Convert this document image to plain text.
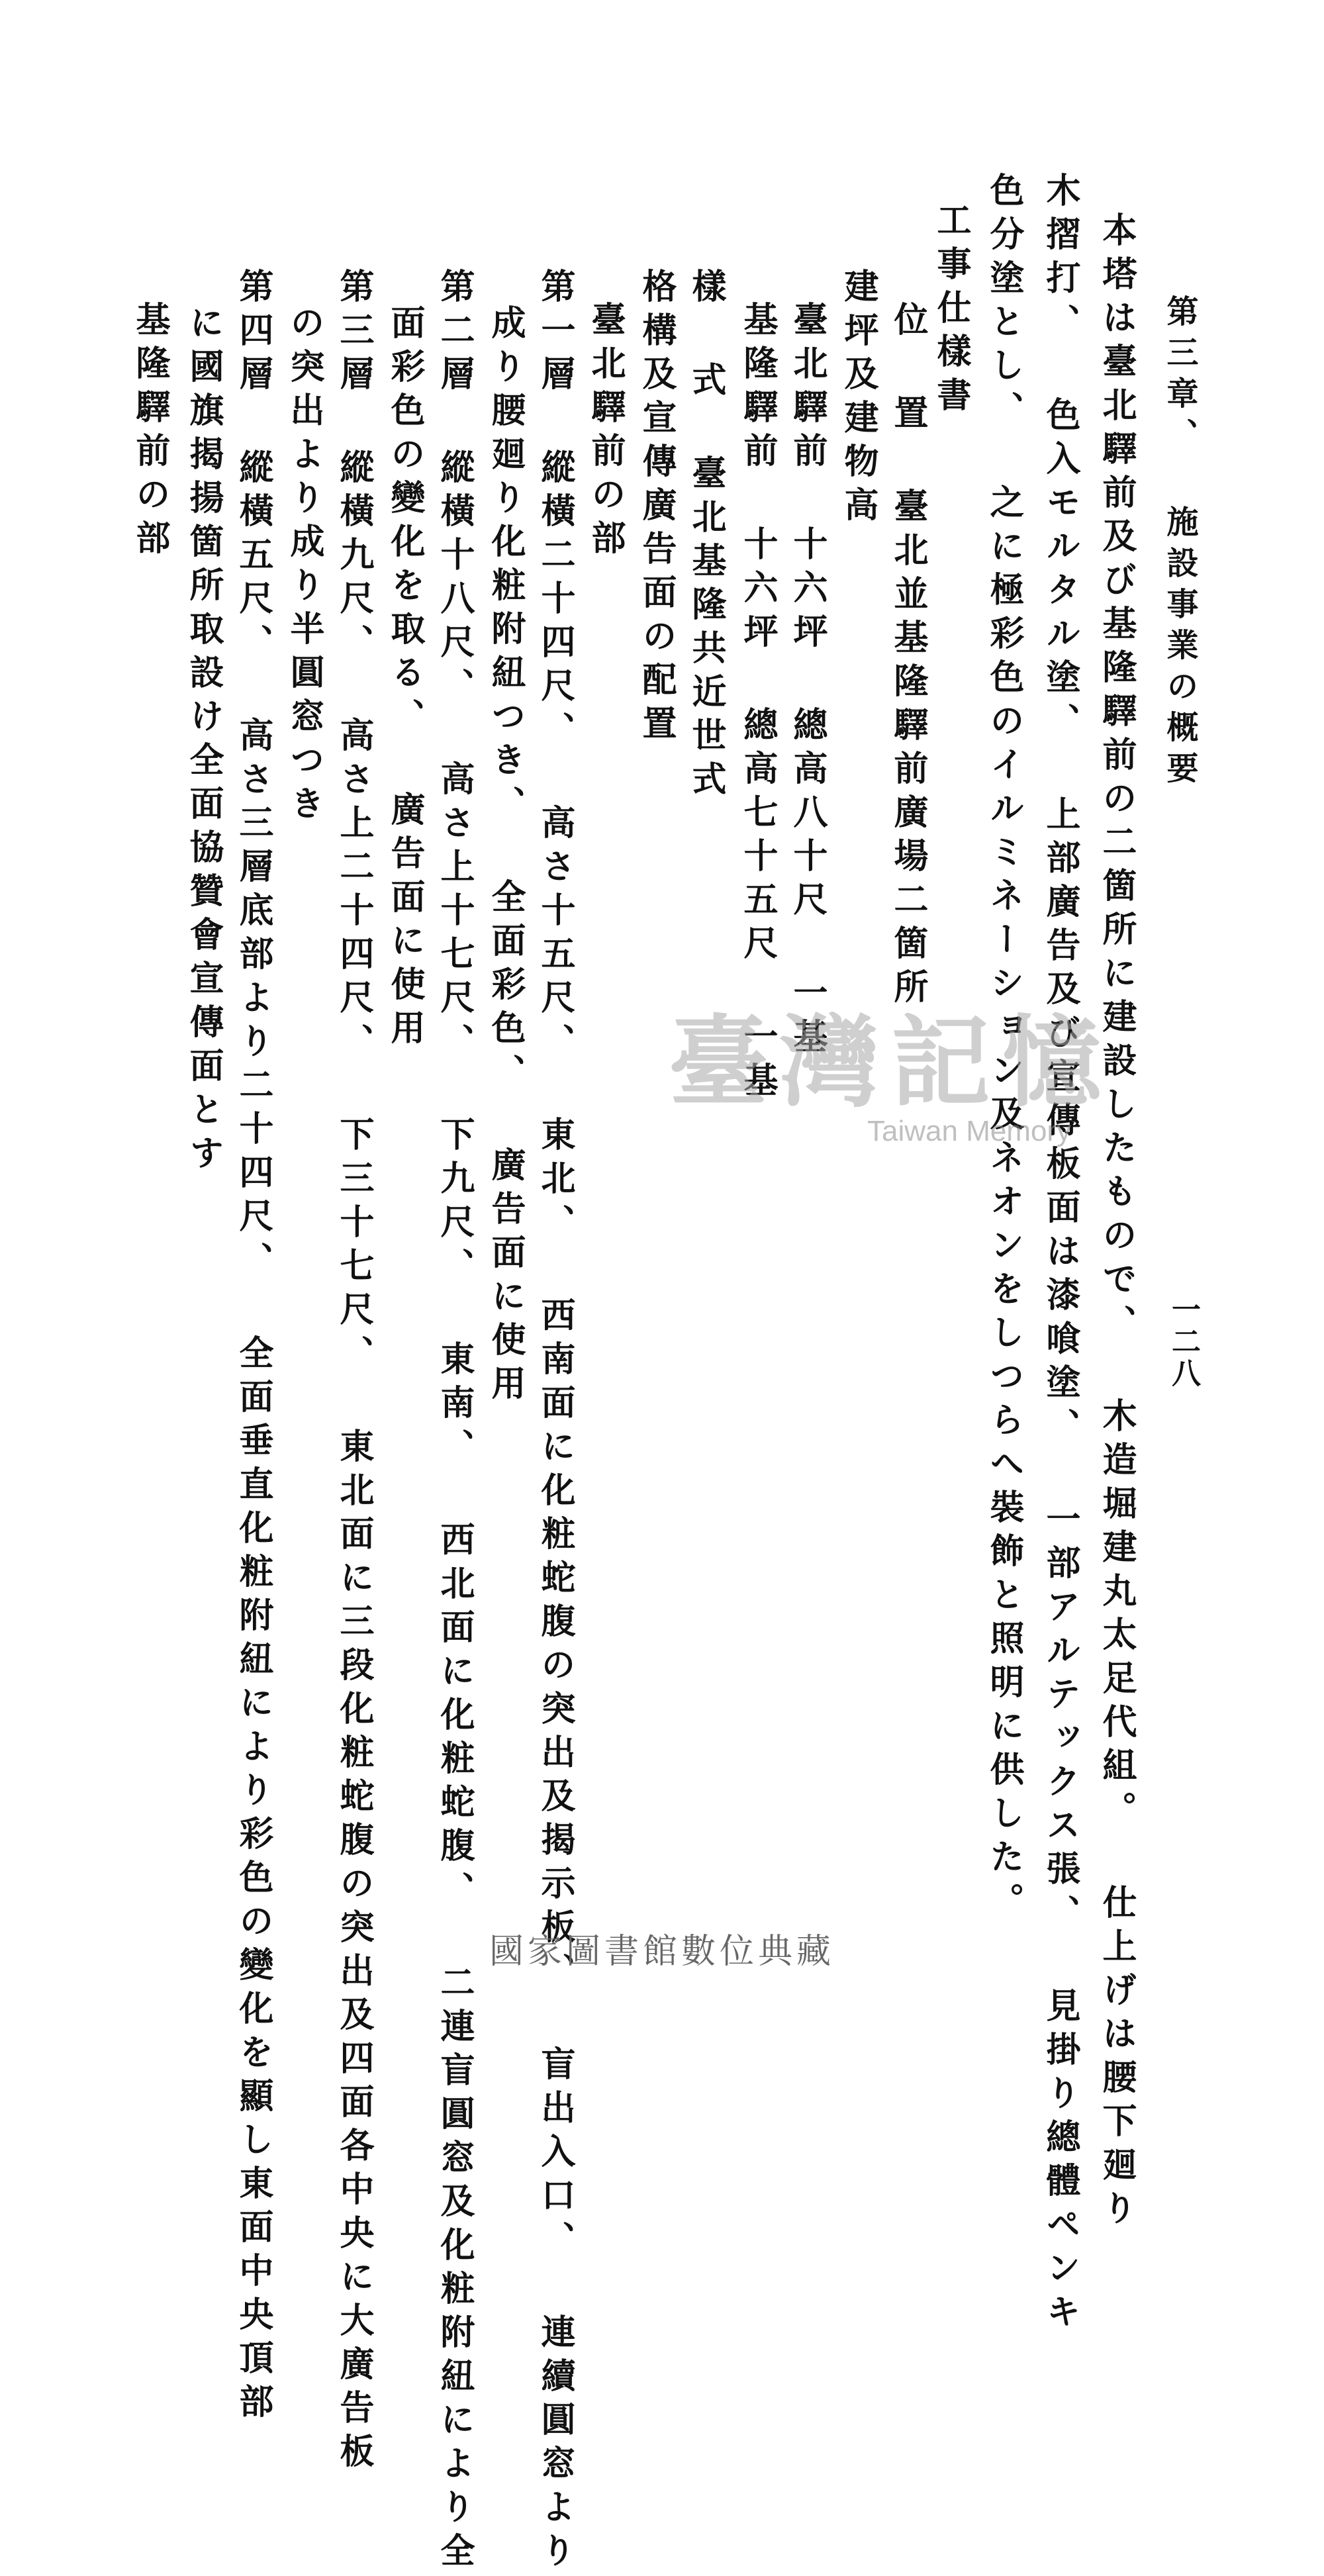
一二八
第三章、 施設事業の概要
本塔は臺北驛前及び基隆驛前の二箇所に建設したもので、 木造堀建丸太足代組。 仕上げは腰下廻り
木摺打、 色入モルタル塗、 上部廣告及び宣傳板面は漆喰塗、 一部アルテックス張、 見掛り總體ペンキ
色分塗とし、 之に極彩色のイルミネーション及ネオンをしつらへ裝飾と照明に供した。
工事仕樣書
位 置 臺北並基隆驛前廣場二箇所
建坪及建物高
臺北驛前 十六坪 總高八十尺 一基
基隆驛前 十六坪 總高七十五尺 一基
樣 式 臺北基隆共近世式
格構及宣傳廣告面の配置
臺北驛前の部
第一層 縱橫二十四尺、 高さ十五尺、 東北、 西南面に化粧蛇腹の突出及揭示板、 盲出入口、 連續圓窓より
成り腰廻り化粧附紐つき、 全面彩色、 廣告面に使用
第二層 縱橫十八尺、 高さ上十七尺、 下九尺、 東南、 西北面に化粧蛇腹、 二連盲圓窓及化粧附紐により全
面彩色の變化を取る、 廣告面に使用
第三層 縱橫九尺、 高さ上二十四尺、 下三十七尺、 東北面に三段化粧蛇腹の突出及四面各中央に大廣告板
の突出より成り半圓窓つき
第四層 縱橫五尺、 高さ三層底部より二十四尺、 全面垂直化粧附紐により彩色の變化を顯し東面中央頂部
に國旗揭揚箇所取設け全面協贊會宣傳面とす
基隆驛前の部
臺灣記憶
Taiwan Memory
國家圖書館數位典藏
